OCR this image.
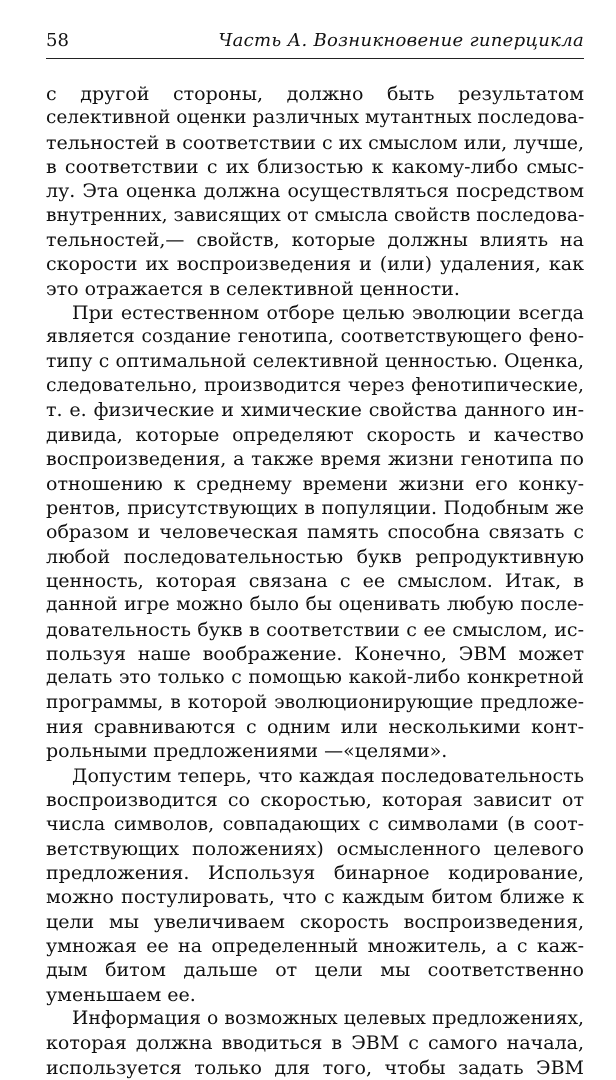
58	Часть А. Возникновение гиперцикла
с другой стороны, должно быть результатом
селективной оценки различных мутантных последова-
тельностей в соответствии с их смыслом или, лучше,
в соответствии с их близостью к какому-либо смыс-
лу. Эта оценка должна осуществляться посредством
внутренних, зависящих от смысла свойств последова-
тельностей,— свойств, которые должны влиять на
скорости их воспроизведения и (или) удаления, как
это отражается в селективной ценности.
При естественном отборе целью эволюции всегда
является создание генотипа, соответствующего фено-
типу с оптимальной селективной ценностью. Оценка,
следовательно, производится через фенотипические,
т. е. физические и химические свойства данного ин-
дивида, которые определяют скорость и качество
воспроизведения, а также время жизни генотипа по
отношению к среднему времени жизни его конку-
рентов, присутствующих в популяции. Подобным же
образом и человеческая память способна связать с
любой последовательностью букв репродуктивную
ценность, которая связана с ее смыслом. Итак, в
данной игре можно было бы оценивать любую после-
довательность букв в соответствии с ее смыслом, ис-
пользуя наше воображение. Конечно, ЭВМ может
делать это только с помощью какой-либо конкретной
программы, в которой эволюционирующие предложе-
ния сравниваются с одним или несколькими конт-
рольными предложениями —«целями».
Допустим теперь, что каждая последовательность
воспроизводится со скоростью, которая зависит от
числа символов, совпадающих с символами (в соот-
ветствующих положениях) осмысленного целевого
предложения. Используя бинарное кодирование,
можно постулировать, что с каждым битом ближе к
цели мы увеличиваем скорость воспроизведения,
умножая ее на определенный множитель, а с каж-
дым битом дальше от цели мы соответственно
уменьшаем ее.
Информация о возможных целевых предложениях,
которая должна вводиться в ЭВМ с самого начала,
используется только для того, чтобы задать ЭВМ
